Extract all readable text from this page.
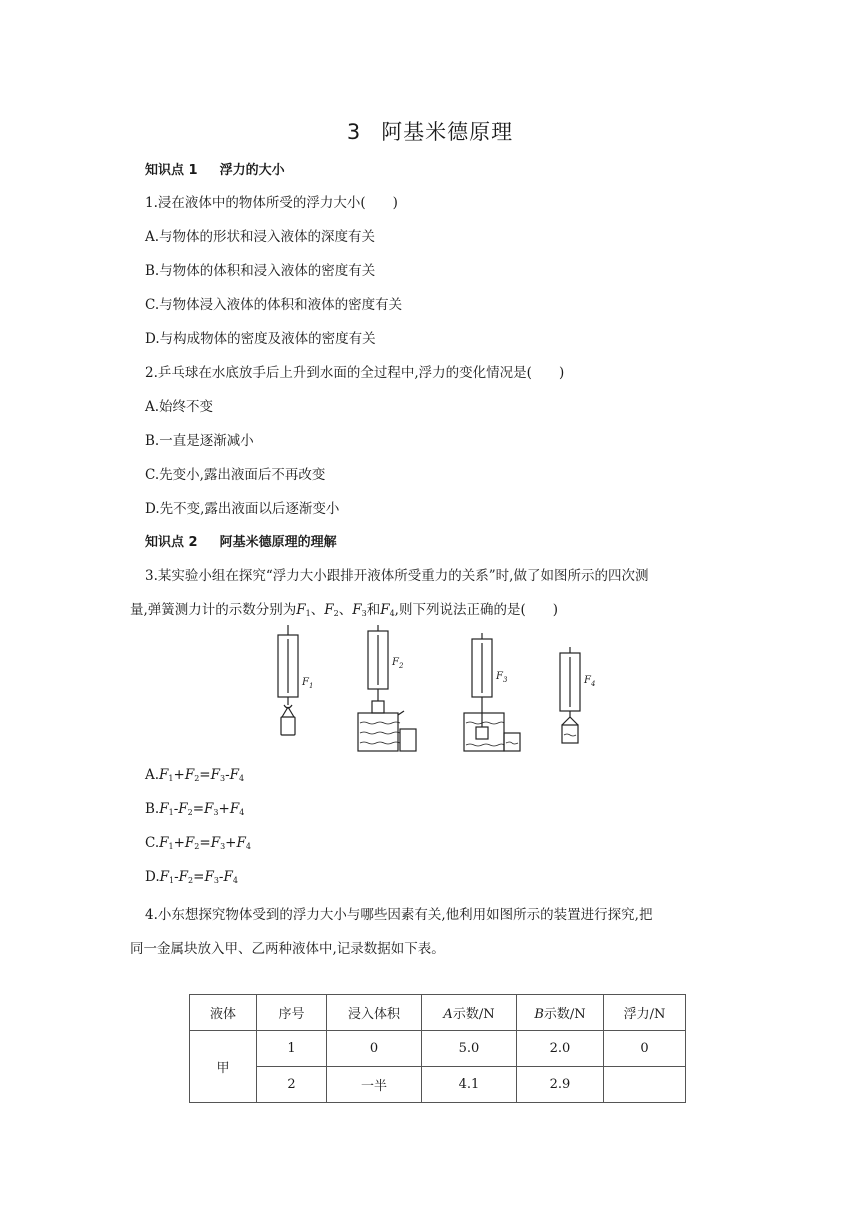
3 阿基米德原理
知识点 1 浮力的大小
1.浸在液体中的物体所受的浮力大小(　　)
A.与物体的形状和浸入液体的深度有关
B.与物体的体积和浸入液体的密度有关
C.与物体浸入液体的体积和液体的密度有关
D.与构成物体的密度及液体的密度有关
2.乒乓球在水底放手后上升到水面的全过程中,浮力的变化情况是(　　)
A.始终不变
B.一直是逐渐减小
C.先变小,露出液面后不再改变
D.先不变,露出液面以后逐渐变小
知识点 2 阿基米德原理的理解
3.某实验小组在探究“浮力大小跟排开液体所受重力的关系”时,做了如图所示的四次测
量,弹簧测力计的示数分别为$F_1$、$F_2$、$F_3$和$F_4$,则下列说法正确的是(　　)
F 1
F 2
F 3	F 4
$A.F_1+F_2=F_3-F_4$
$B.F_1-F_2=F_3+F_4$
$C.F_1+F_2=F_3+F_4$
$D.F_1-F_2=F_3-F_4$
4.小东想探究物体受到的浮力大小与哪些因素有关,他利用如图所示的装置进行探究,把
同一金属块放入甲、乙两种液体中,记录数据如下表。
液体	序号	浸入体积	A示数/N	B示数/N	浮力/N
甲	1	0	5.0	2.0	0
	2	一半	4.1	2.9	
